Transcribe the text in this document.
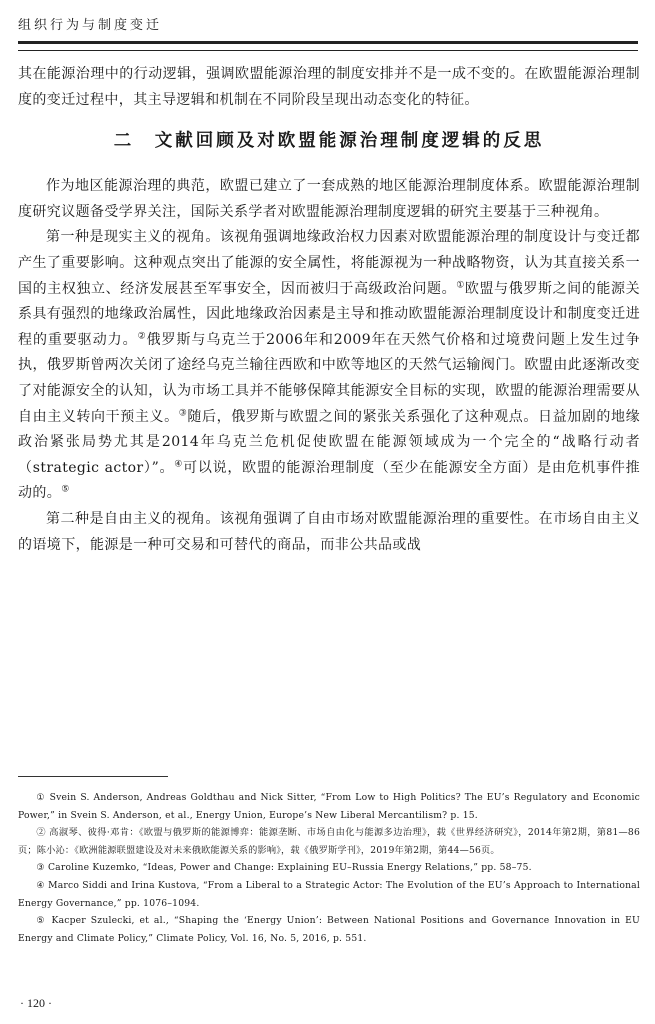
组织行为与制度变迁

其在能源治理中的行动逻辑，强调欧盟能源治理的制度安排并不是一成不变的。在欧盟能源治理制度的变迁过程中，其主导逻辑和机制在不同阶段呈现出动态变化的特征。

二　文献回顾及对欧盟能源治理制度逻辑的反思

作为地区能源治理的典范，欧盟已建立了一套成熟的地区能源治理制度体系。欧盟能源治理制度研究议题备受学界关注，国际关系学者对欧盟能源治理制度逻辑的研究主要基于三种视角。

第一种是现实主义的视角。该视角强调地缘政治权力因素对欧盟能源治理的制度设计与变迁都产生了重要影响。这种观点突出了能源的安全属性，将能源视为一种战略物资，认为其直接关系一国的主权独立、经济发展甚至军事安全，因而被归于高级政治问题。①欧盟与俄罗斯之间的能源关系具有强烈的地缘政治属性，因此地缘政治因素是主导和推动欧盟能源治理制度设计和制度变迁进程的重要驱动力。②俄罗斯与乌克兰于2006年和2009年在天然气价格和过境费问题上发生过争执，俄罗斯曾两次关闭了途经乌克兰输往西欧和中欧等地区的天然气运输阀门。欧盟由此逐渐改变了对能源安全的认知，认为市场工具并不能够保障其能源安全目标的实现，欧盟的能源治理需要从自由主义转向干预主义。③随后，俄罗斯与欧盟之间的紧张关系强化了这种观点。日益加剧的地缘政治紧张局势尤其是2014年乌克兰危机促使欧盟在能源领域成为一个完全的“战略行动者（strategic actor）”。④可以说，欧盟的能源治理制度（至少在能源安全方面）是由危机事件推动的。⑤

第二种是自由主义的视角。该视角强调了自由市场对欧盟能源治理的重要性。在市场自由主义的语境下，能源是一种可交易和可替代的商品，而非公共品或战

① Svein S. Anderson, Andreas Goldthau and Nick Sitter, “From Low to High Politics? The EU’s Regulatory and Economic Power,” in Svein S. Anderson, et al., Energy Union, Europe’s New Liberal Mercantilism? p. 15.
② 高淑琴、彼得·邓肯：《欧盟与俄罗斯的能源博弈：能源垄断、市场自由化与能源多边治理》，载《世界经济研究》，2014年第2期，第81—86页；陈小沁：《欧洲能源联盟建设及对未来俄欧能源关系的影响》，载《俄罗斯学刊》，2019年第2期，第44—56页。
③ Caroline Kuzemko, “Ideas, Power and Change: Explaining EU–Russia Energy Relations,” pp. 58–75.
④ Marco Siddi and Irina Kustova, “From a Liberal to a Strategic Actor: The Evolution of the EU’s Approach to International Energy Governance,” pp. 1076–1094.
⑤ Kacper Szulecki, et al., “Shaping the ‘Energy Union’: Between National Positions and Governance Innovation in EU Energy and Climate Policy,” Climate Policy, Vol. 16, No. 5, 2016, p. 551.
· 120 ·
